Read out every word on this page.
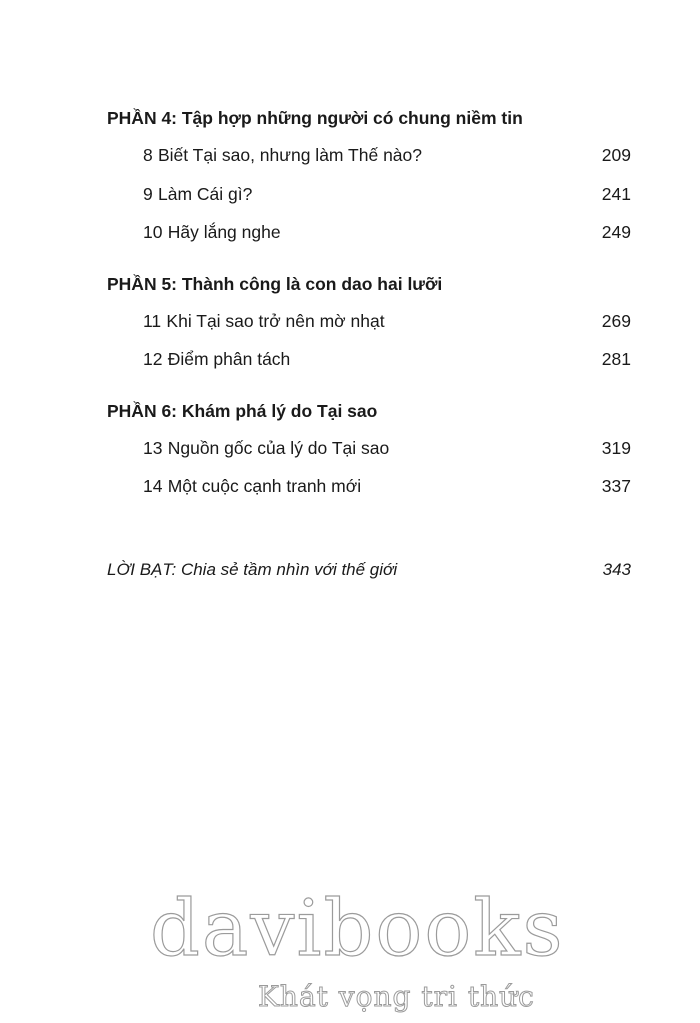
PHẦN 4: Tập hợp những người có chung niềm tin
8 Biết Tại sao, nhưng làm Thế nào?	209
9 Làm Cái gì?	241
10 Hãy lắng nghe	249
PHẦN 5: Thành công là con dao hai lưỡi
11 Khi Tại sao trở nên mờ nhạt	269
12 Điểm phân tách	281
PHẦN 6: Khám phá lý do Tại sao
13 Nguồn gốc của lý do Tại sao	319
14 Một cuộc cạnh tranh mới	337
LỜI BẠT: Chia sẻ tầm nhìn với thế giới	343
davibooks
Khát vọng tri thức
